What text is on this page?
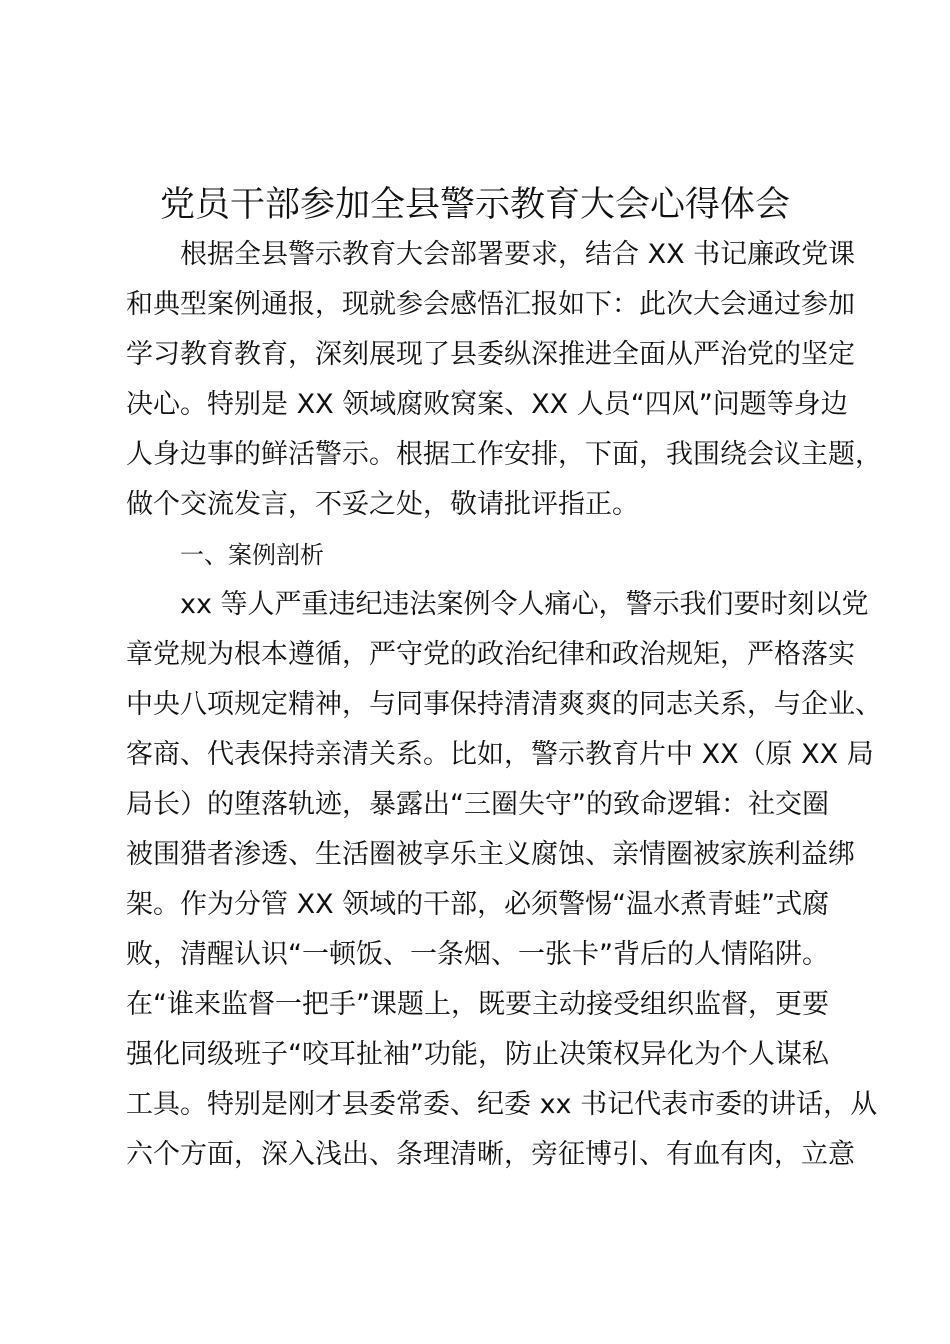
党员干部参加全县警示教育大会心得体会
根据全县警示教育大会部署要求，结合 XX 书记廉政党课
和典型案例通报，现就参会感悟汇报如下：此次大会通过参加
学习教育教育，深刻展现了县委纵深推进全面从严治党的坚定
决心。特别是 XX 领域腐败窝案、XX 人员“四风”问题等身边
人身边事的鲜活警示。根据工作安排，下面，我围绕会议主题，
做个交流发言，不妥之处，敬请批评指正。
一、案例剖析
xx 等人严重违纪违法案例令人痛心，警示我们要时刻以党
章党规为根本遵循，严守党的政治纪律和政治规矩，严格落实
中央八项规定精神，与同事保持清清爽爽的同志关系，与企业、
客商、代表保持亲清关系。比如，警示教育片中 XX（原 XX 局
局长）的堕落轨迹，暴露出“三圈失守”的致命逻辑：社交圈
被围猎者渗透、生活圈被享乐主义腐蚀、亲情圈被家族利益绑
架。作为分管 XX 领域的干部，必须警惕“温水煮青蛙”式腐
败，清醒认识“一顿饭、一条烟、一张卡”背后的人情陷阱。
在“谁来监督一把手”课题上，既要主动接受组织监督，更要
强化同级班子“咬耳扯袖”功能，防止决策权异化为个人谋私
工具。特别是刚才县委常委、纪委 xx 书记代表市委的讲话，从
六个方面，深入浅出、条理清晰，旁征博引、有血有肉，立意
